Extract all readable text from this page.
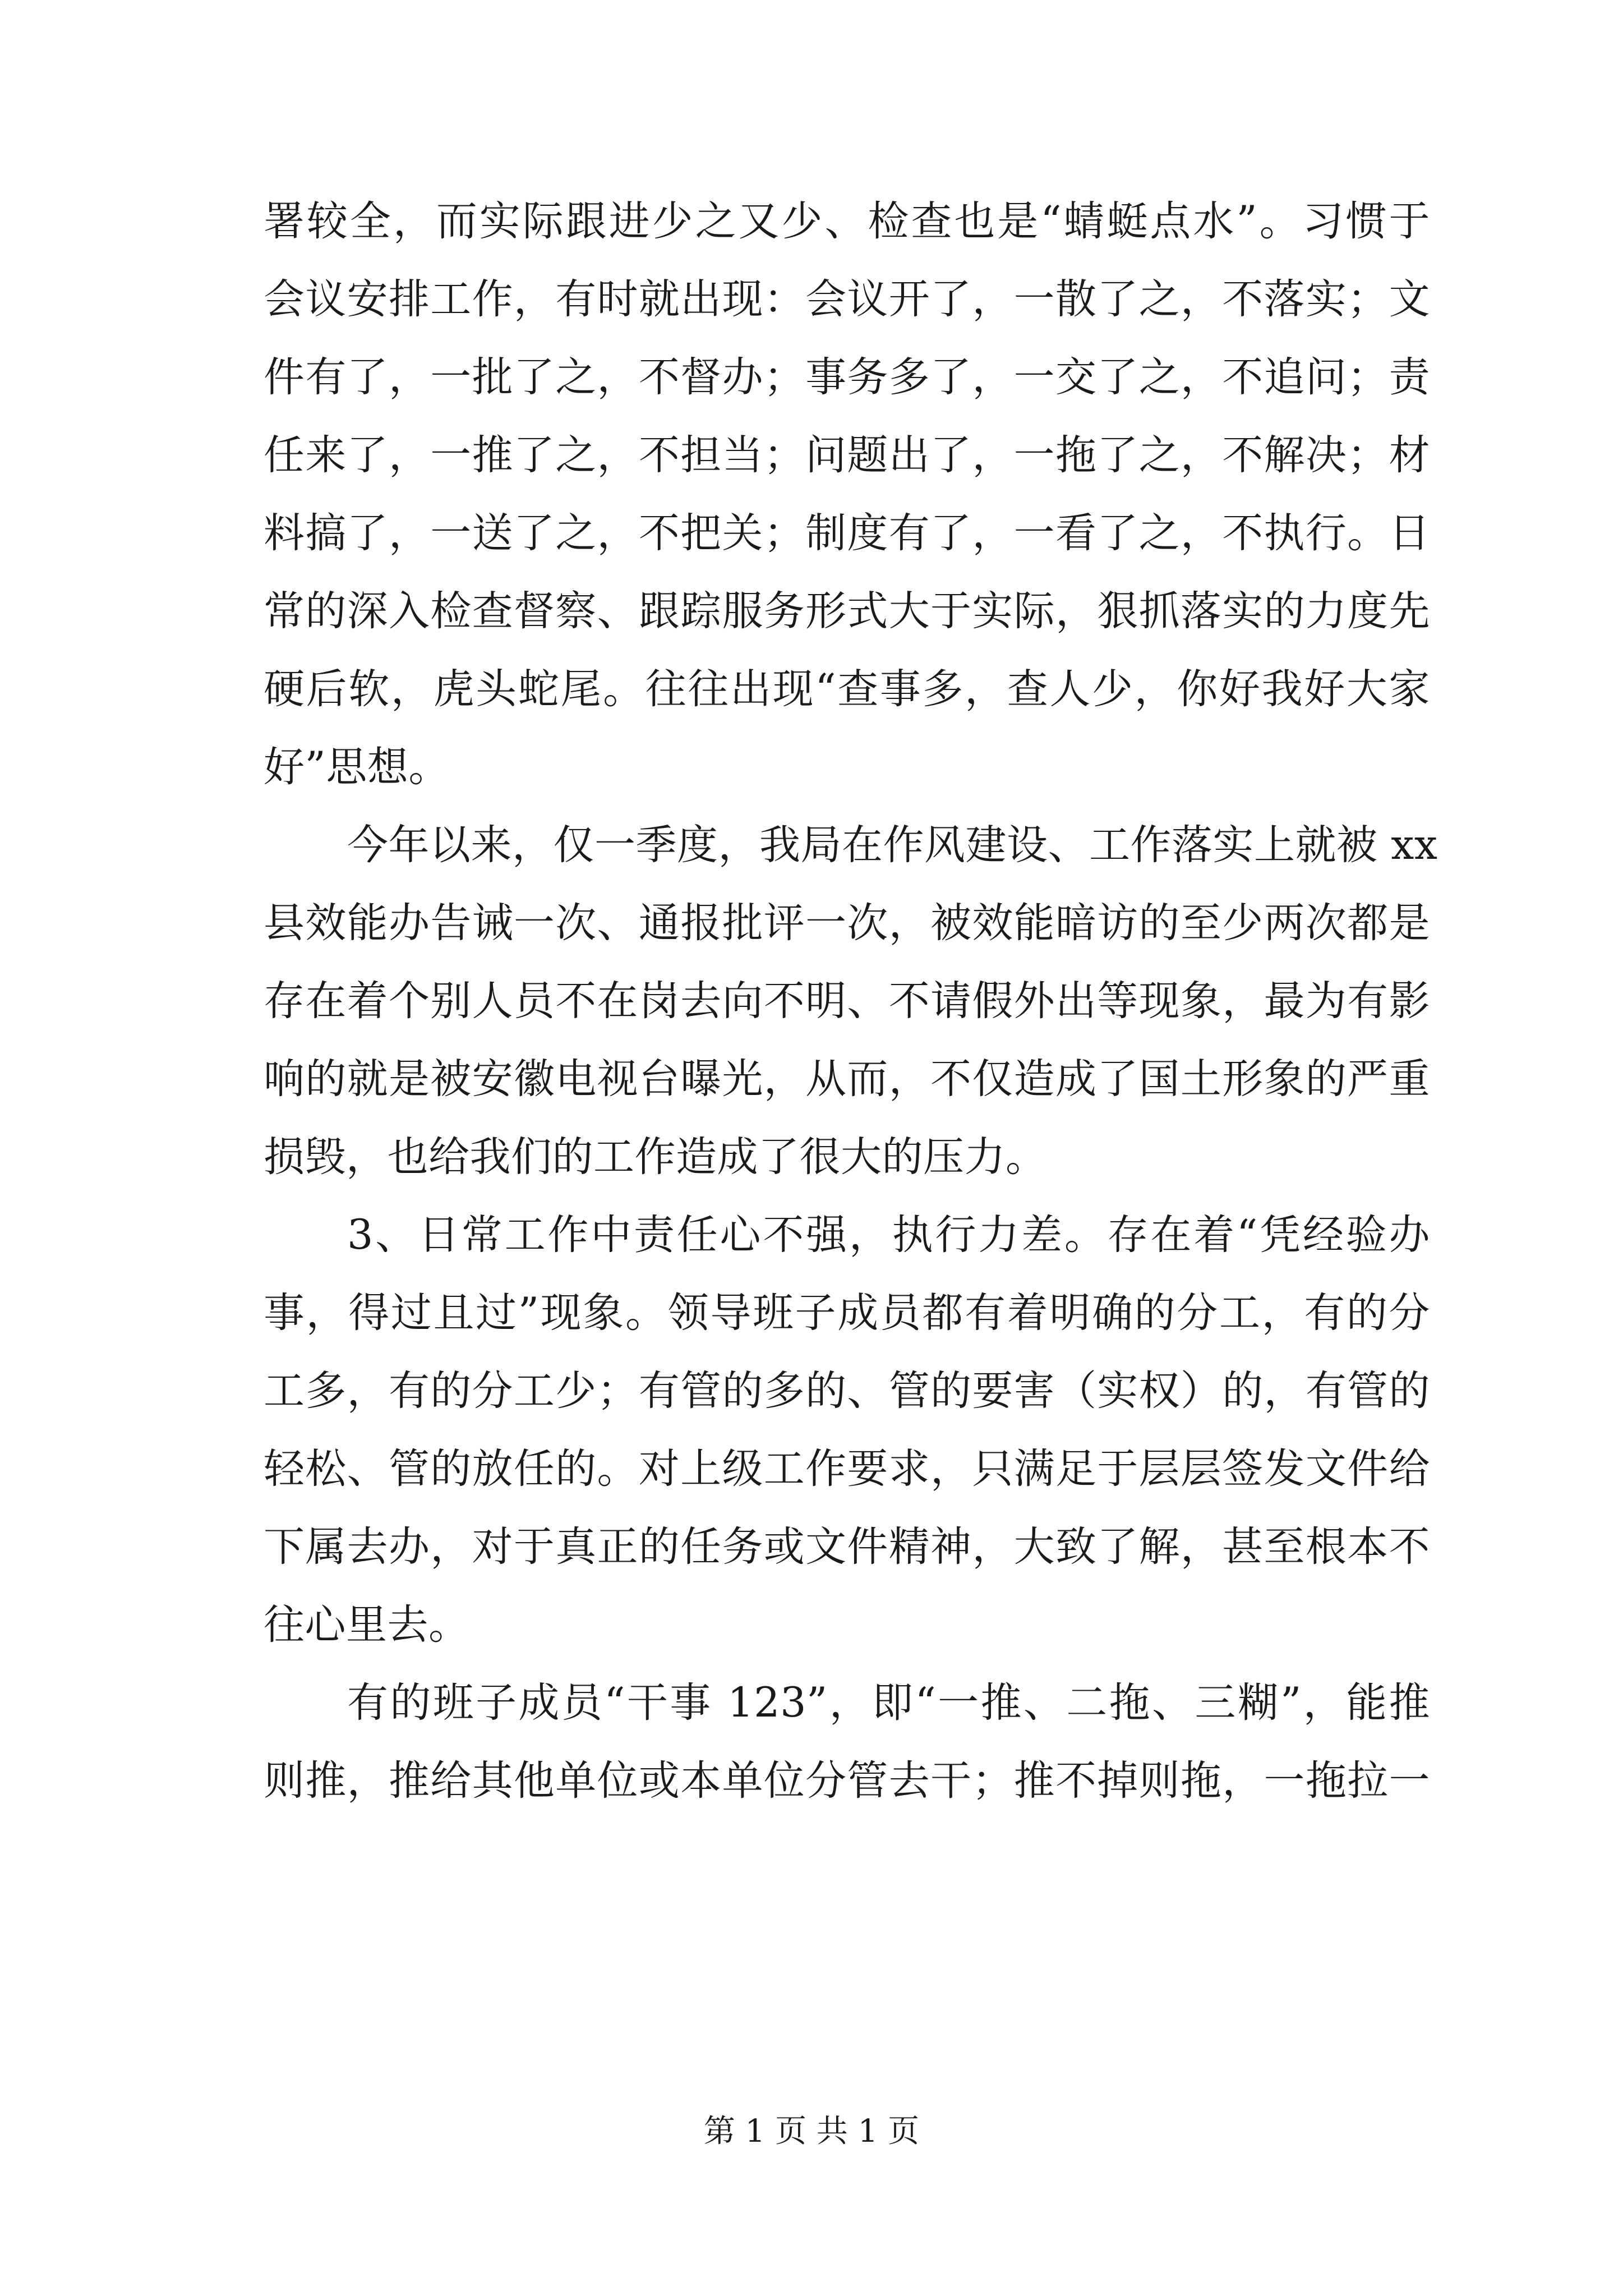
署较全，而实际跟进少之又少、检查也是“蜻蜓点水”。习惯于
会议安排工作，有时就出现：会议开了，一散了之，不落实；文
件有了，一批了之，不督办；事务多了，一交了之，不追问；责
任来了，一推了之，不担当；问题出了，一拖了之，不解决；材
料搞了，一送了之，不把关；制度有了，一看了之，不执行。日
常的深入检查督察、跟踪服务形式大于实际，狠抓落实的力度先
硬后软，虎头蛇尾。往往出现“查事多，查人少，你好我好大家
好”思想。
今年以来，仅一季度，我局在作风建设、工作落实上就被 xx
县效能办告诫一次、通报批评一次，被效能暗访的至少两次都是
存在着个别人员不在岗去向不明、不请假外出等现象，最为有影
响的就是被安徽电视台曝光，从而，不仅造成了国土形象的严重
损毁，也给我们的工作造成了很大的压力。
3、日常工作中责任心不强，执行力差。存在着“凭经验办
事，得过且过”现象。领导班子成员都有着明确的分工，有的分
工多，有的分工少；有管的多的、管的要害（实权）的，有管的
轻松、管的放任的。对上级工作要求，只满足于层层签发文件给
下属去办，对于真正的任务或文件精神，大致了解，甚至根本不
往心里去。
有的班子成员“干事 123”，即“一推、二拖、三糊”，能推
则推，推给其他单位或本单位分管去干；推不掉则拖，一拖拉一
第 1 页 共 1 页
